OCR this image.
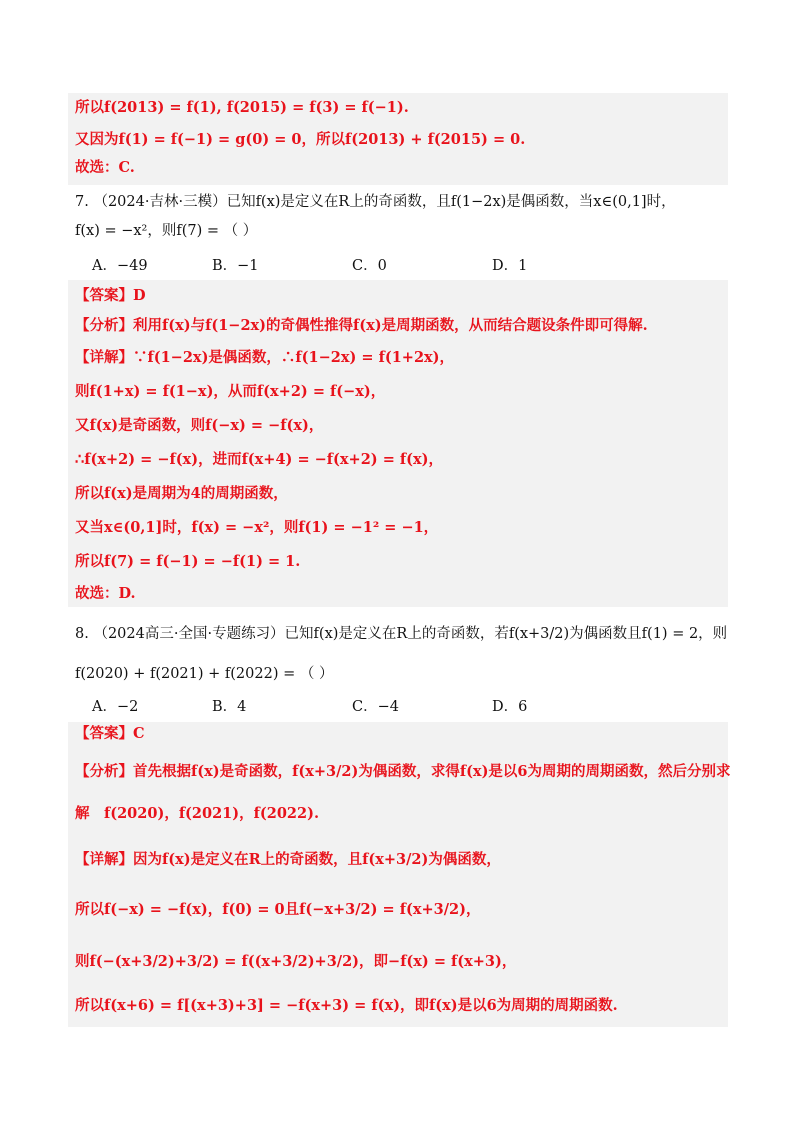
所以f(2013) = f(1), f(2015) = f(3) = f(−1).
又因为f(1) = f(−1) = g(0) = 0，所以f(2013) + f(2015) = 0.
故选：C.
7. （2024·吉林·三模）已知f(x)是定义在R上的奇函数，且f(1−2x)是偶函数，当x∈(0,1]时，
f(x) = −x²，则f(7) = （ ）
A．−49	B．−1	C．0	D．1
【答案】D
【分析】利用f(x)与f(1−2x)的奇偶性推得f(x)是周期函数，从而结合题设条件即可得解.
【详解】∵f(1−2x)是偶函数，∴f(1−2x) = f(1+2x)，
则f(1+x) = f(1−x)，从而f(x+2) = f(−x)，
又f(x)是奇函数，则f(−x) = −f(x)，
∴f(x+2) = −f(x)，进而f(x+4) = −f(x+2) = f(x)，
所以f(x)是周期为4的周期函数，
又当x∈(0,1]时，f(x) = −x²，则f(1) = −1² = −1，
所以f(7) = f(−1) = −f(1) = 1.
故选：D.
8. （2024高三·全国·专题练习）已知f(x)是定义在R上的奇函数，若f(x+3/2)为偶函数且f(1) = 2，则
f(2020) + f(2021) + f(2022) = （ ）
A．−2	B．4	C．−4	D．6
【答案】C
【分析】首先根据f(x)是奇函数，f(x+3/2)为偶函数，求得f(x)是以6为周期的周期函数，然后分别求
解　f(2020)，f(2021)，f(2022).
【详解】因为f(x)是定义在R上的奇函数，且f(x+3/2)为偶函数，
所以f(−x) = −f(x)，f(0) = 0且f(−x+3/2) = f(x+3/2)，
则f(−(x+3/2)+3/2) = f((x+3/2)+3/2)，即−f(x) = f(x+3)，
所以f(x+6) = f[(x+3)+3] = −f(x+3) = f(x)，即f(x)是以6为周期的周期函数.
